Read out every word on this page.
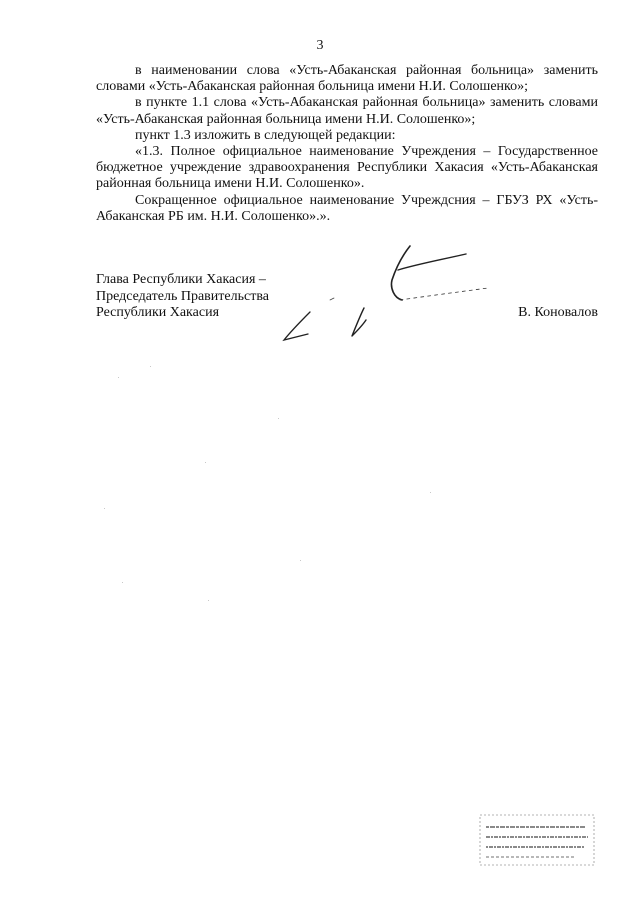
3

в наименовании слова «Усть-Абаканская районная больница» заменить словами «Усть-Абаканская районная больница имени Н.И. Солошенко»;

в пункте 1.1 слова «Усть-Абаканская районная больница» заменить словами «Усть-Абаканская районная больница имени Н.И. Солошенко»;

пункт 1.3 изложить в следующей редакции:

«1.3. Полное официальное наименование Учреждения – Государственное бюджетное учреждение здравоохранения Республики Хакасия «Усть-Абаканская районная больница имени Н.И. Солошенко».

Сокращенное официальное наименование Учреждсния – ГБУЗ РХ «Усть-Абаканская РБ им. Н.И. Солошенко».».

Глава Республики Хакасия –
Председатель Правительства
Республики Хакасия	В. Коновалов
